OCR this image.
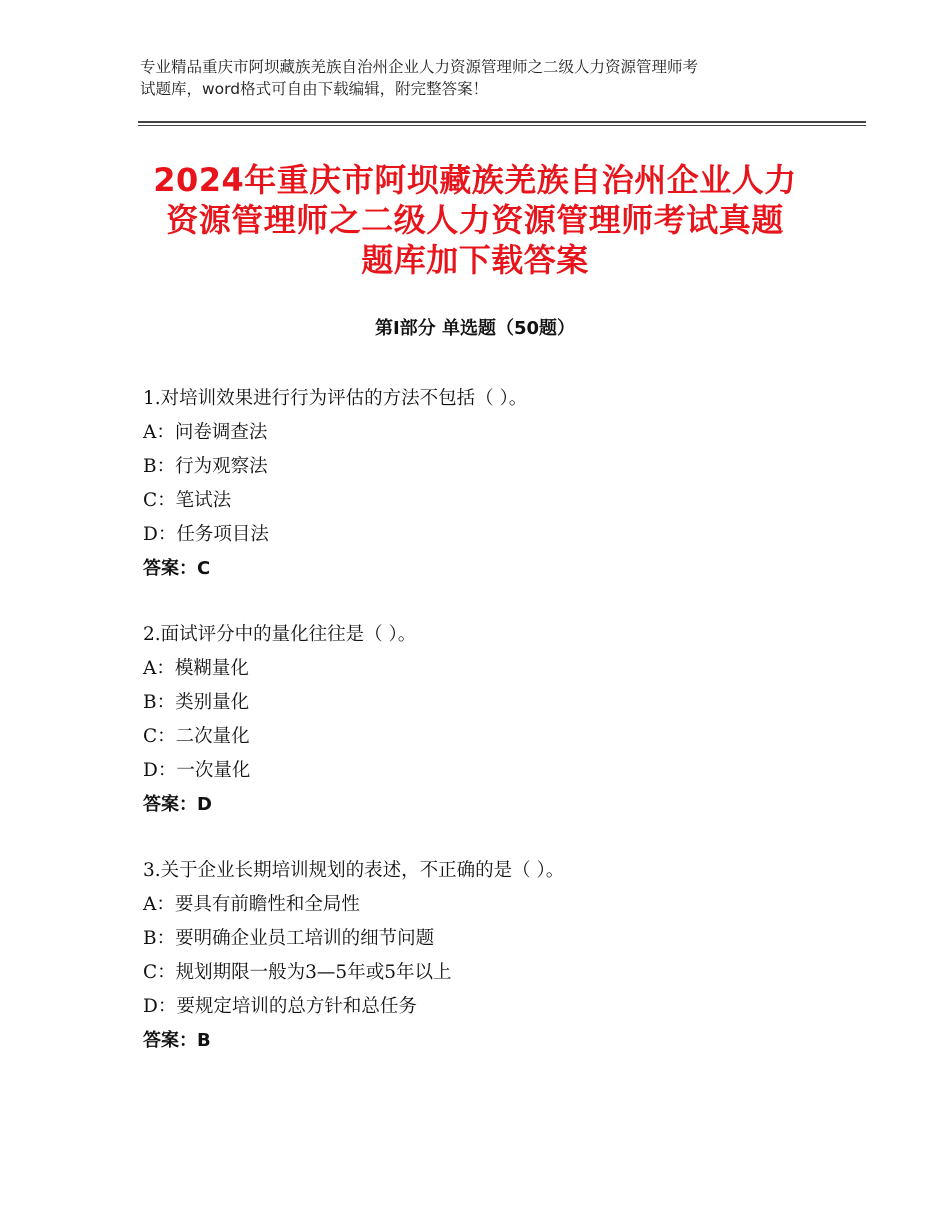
专业精品重庆市阿坝藏族羌族自治州企业人力资源管理师之二级人力资源管理师考
试题库，word格式可自由下载编辑，附完整答案！
2024年重庆市阿坝藏族羌族自治州企业人力
资源管理师之二级人力资源管理师考试真题
题库加下载答案
第Ⅰ部分 单选题（50题）
1.对培训效果进行行为评估的方法不包括（ ）。
A：问卷调查法
B：行为观察法
C：笔试法
D：任务项目法
答案：C
2.面试评分中的量化往往是（ ）。
A：模糊量化
B：类别量化
C：二次量化
D：一次量化
答案：D
3.关于企业长期培训规划的表述，不正确的是（ ）。
A：要具有前瞻性和全局性
B：要明确企业员工培训的细节问题
C：规划期限一般为3—5年或5年以上
D：要规定培训的总方针和总任务
答案：B
